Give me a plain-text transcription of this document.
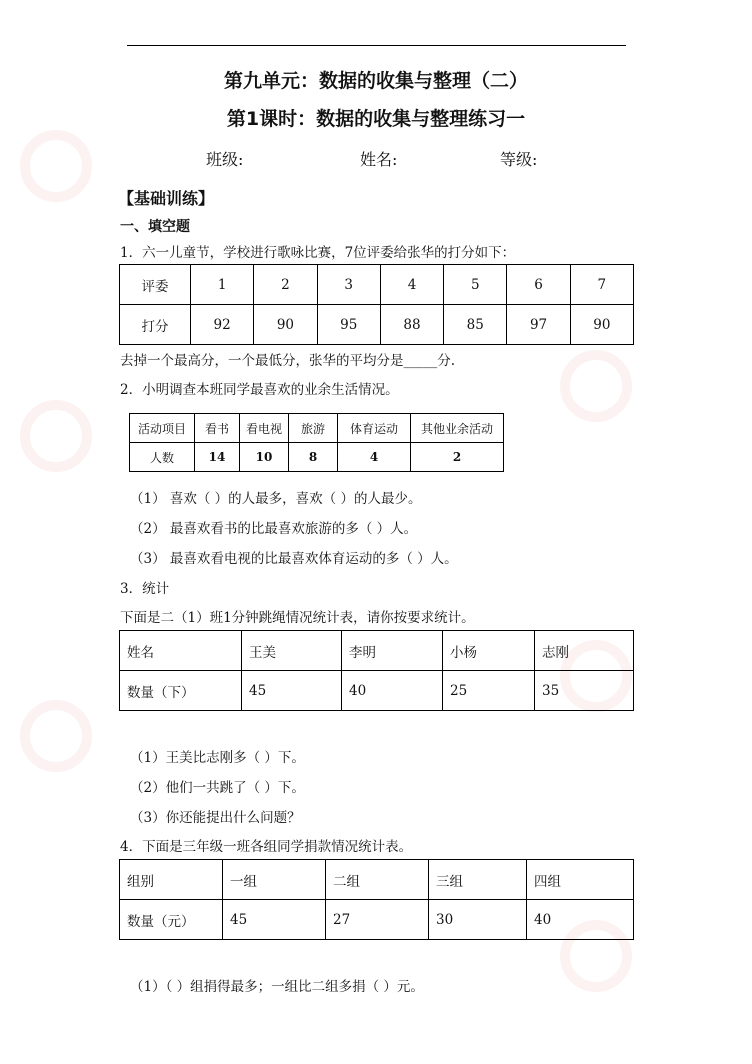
第九单元：数据的收集与整理（二）
第1课时：数据的收集与整理练习一
班级:	姓名:	等级:
【基础训练】
一、填空题
1．六一儿童节，学校进行歌咏比赛，7位评委给张华的打分如下：
评委	1	2	3	4	5	6	7
打分	92	90	95	88	85	97	90
去掉一个最高分，一个最低分，张华的平均分是_____分.
2．小明调查本班同学最喜欢的业余生活情况。
活动项目	看书	看电视	旅游	体育运动	其他业余活动
人数	14	10	8	4	2
（1） 喜欢（ ）的人最多，喜欢（ ）的人最少。
（2） 最喜欢看书的比最喜欢旅游的多（ ）人。
（3） 最喜欢看电视的比最喜欢体育运动的多（ ）人。
3．统计
下面是二（1）班1分钟跳绳情况统计表，请你按要求统计。
姓名	王美	李明	小杨	志刚
数量（下）	45	40	25	35
（1）王美比志刚多（ ）下。
（2）他们一共跳了（ ）下。
（3）你还能提出什么问题？
4．下面是三年级一班各组同学捐款情况统计表。
组别	一组	二组	三组	四组
数量（元）	45	27	30	40
（1）（ ）组捐得最多；一组比二组多捐（ ）元。
